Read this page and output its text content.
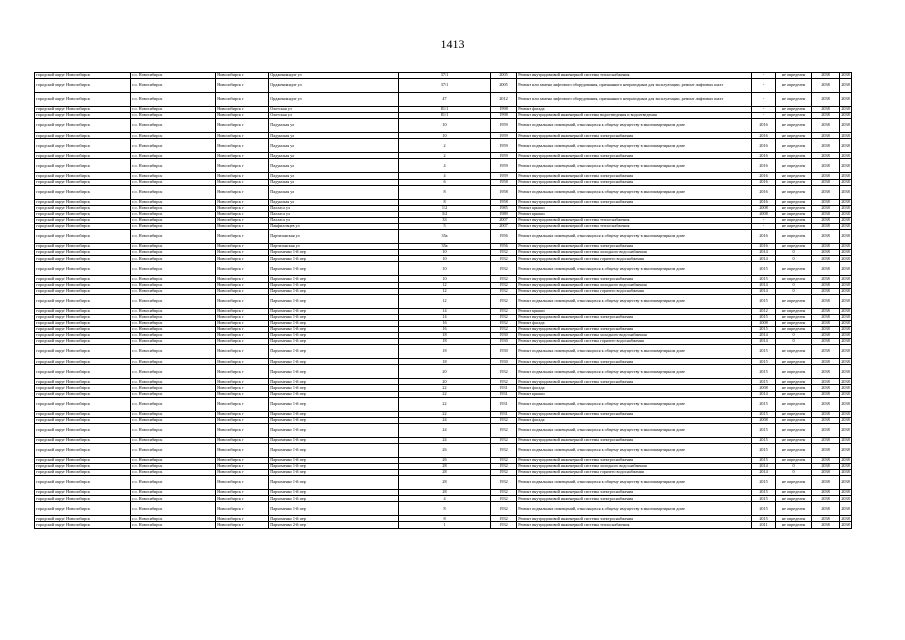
1413
городской округ Новосибирск	г.о. Новосибирск	Новосибирск г	Ордженикидзе ул	37/1	2005	Ремонт внутридомовой инженерной системы теплоснабжения	-	не определен	2038	2038
городской округ Новосибирск	г.о. Новосибирск	Новосибирск г	Ордженикидзе ул	37/1	2005	Ремонт или замена лифтового оборудования, признанного непригодным для эксплуатации, ремонт лифтовых шахт	-	не определен	2038	2038
городской округ Новосибирск	г.о. Новосибирск	Новосибирск г	Ордженикидзе ул	47	2012	Ремонт или замена лифтового оборудования, признанного непригодным для эксплуатации, ремонт лифтовых шахт	-	не определен	2038	2038
городской округ Новосибирск	г.о. Новосибирск	Новосибирск г	Охотская ул	81/1	1998	Ремонт фасада	-	не определен	2038	2038
городской округ Новосибирск	г.о. Новосибирск	Новосибирск г	Охотская ул	81/1	1998	Ремонт внутридомовой инженерной системы водоотведения и водоотведения	-	не определен	2038	2038
городской округ Новосибирск	г.о. Новосибирск	Новосибирск г	Падунская ул	10	1959	Ремонт подвальных помещений, относящихся к общему имуществу в многоквартирном доме	2016	не определен	2038	2038
городской округ Новосибирск	г.о. Новосибирск	Новосибирск г	Падунская ул	10	1959	Ремонт внутридомовой инженерной системы электроснабжения	2016	не определен	2038	2038
городской округ Новосибирск	г.о. Новосибирск	Новосибирск г	Падунская ул	2	1959	Ремонт подвальных помещений, относящихся к общему имуществу в многоквартирном доме	2016	не определен	2038	2038
городской округ Новосибирск	г.о. Новосибирск	Новосибирск г	Падунская ул	2	1959	Ремонт внутридомовой инженерной системы электроснабжения	2016	не определен	2038	2038
городской округ Новосибирск	г.о. Новосибирск	Новосибирск г	Падунская ул	4	1959	Ремонт подвальных помещений, относящихся к общему имуществу в многоквартирном доме	2016	не определен	2038	2038
городской округ Новосибирск	г.о. Новосибирск	Новосибирск г	Падунская ул	4	1959	Ремонт внутридомовой инженерной системы электроснабжения	2016	не определен	2038	2038
городской округ Новосибирск	г.о. Новосибирск	Новосибирск г	Падунская ул	6	1958	Ремонт внутридомовой инженерной системы электроснабжения	2016	не определен	2038	2038
городской округ Новосибирск	г.о. Новосибирск	Новосибирск г	Падунская ул	8	1958	Ремонт подвальных помещений, относящихся к общему имуществу в многоквартирном доме	2016	не определен	2038	2038
городской округ Новосибирск	г.о. Новосибирск	Новосибирск г	Падунская ул	8	1958	Ремонт внутридомовой инженерной системы электроснабжения	2016	не определен	2038	2038
городской округ Новосибирск	г.о. Новосибирск	Новосибирск г	Палласа ул	1/2	1985	Ремонт крыши	2008	не определен	2038	2038
городской округ Новосибирск	г.о. Новосибирск	Новосибирск г	Палласа ул	3/2	1989	Ремонт крыши	2008	не определен	2038	2038
городской округ Новосибирск	г.о. Новосибирск	Новосибирск г	Палласа ул	33	2007	Ремонт внутридомовой инженерной системы теплоснабжения	-	не определен	2038	2038
городской округ Новосибирск	г.о. Новосибирск	Новосибирск г	Панфиловцев ул	5	2007	Ремонт внутридомовой инженерной системы теплоснабжения	-	не определен	2038	2038
городской округ Новосибирск	г.о. Новосибирск	Новосибирск г	Партизанская ул	35а	1956	Ремонт подвальных помещений, относящихся к общему имуществу в многоквартирном доме	2016	не определен	2038	2038
городской округ Новосибирск	г.о. Новосибирск	Новосибирск г	Партизанская ул	35а	1956	Ремонт внутридомовой инженерной системы электроснабжения	2016	не определен	2038	2038
городской округ Новосибирск	г.о. Новосибирск	Новосибирск г	Пархоменко 1-й пер	10	1932	Ремонт внутридомовой инженерной системы холодного водоснабжения	2014	0	2038	2038
городской округ Новосибирск	г.о. Новосибирск	Новосибирск г	Пархоменко 1-й пер	10	1932	Ремонт внутридомовой инженерной системы горячего водоснабжения	2014	0	2038	2038
городской округ Новосибирск	г.о. Новосибирск	Новосибирск г	Пархоменко 1-й пер	10	1932	Ремонт подвальных помещений, относящихся к общему имуществу в многоквартирном доме	2015	не определен	2038	2038
городской округ Новосибирск	г.о. Новосибирск	Новосибирск г	Пархоменко 1-й пер	10	1932	Ремонт внутридомовой инженерной системы электроснабжения	2015	не определен	2038	2038
городской округ Новосибирск	г.о. Новосибирск	Новосибирск г	Пархоменко 1-й пер	12	1932	Ремонт внутридомовой инженерной системы холодного водоснабжения	2014	0	2038	2038
городской округ Новосибирск	г.о. Новосибирск	Новосибирск г	Пархоменко 1-й пер	12	1932	Ремонт внутридомовой инженерной системы горячего водоснабжения	2014	0	2038	2038
городской округ Новосибирск	г.о. Новосибирск	Новосибирск г	Пархоменко 1-й пер	12	1932	Ремонт подвальных помещений, относящихся к общему имуществу в многоквартирном доме	2015	не определен	2038	2038
городской округ Новосибирск	г.о. Новосибирск	Новосибирск г	Пархоменко 1-й пер	14	1932	Ремонт крыши	2012	не определен	2038	2038
городской округ Новосибирск	г.о. Новосибирск	Новосибирск г	Пархоменко 1-й пер	14	1932	Ремонт внутридомовой инженерной системы электроснабжения	2015	не определен	2038	2038
городской округ Новосибирск	г.о. Новосибирск	Новосибирск г	Пархоменко 1-й пер	16	1932	Ремонт фасада	2008	не определен	2038	2038
городской округ Новосибирск	г.о. Новосибирск	Новосибирск г	Пархоменко 1-й пер	16	1932	Ремонт внутридомовой инженерной системы электроснабжения	2015	не определен	2038	2038
городской округ Новосибирск	г.о. Новосибирск	Новосибирск г	Пархоменко 1-й пер	18	1930	Ремонт внутридомовой инженерной системы холодного водоснабжения	2014	0	2038	2038
городской округ Новосибирск	г.о. Новосибирск	Новосибирск г	Пархоменко 1-й пер	18	1930	Ремонт внутридомовой инженерной системы горячего водоснабжения	2014	0	2038	2038
городской округ Новосибирск	г.о. Новосибирск	Новосибирск г	Пархоменко 1-й пер	18	1930	Ремонт подвальных помещений, относящихся к общему имуществу в многоквартирном доме	2015	не определен	2038	2038
городской округ Новосибирск	г.о. Новосибирск	Новосибирск г	Пархоменко 1-й пер	18	1930	Ремонт внутридомовой инженерной системы электроснабжения	2015	не определен	2038	2038
городской округ Новосибирск	г.о. Новосибирск	Новосибирск г	Пархоменко 1-й пер	20	1932	Ремонт подвальных помещений, относящихся к общему имуществу в многоквартирном доме	2015	не определен	2038	2038
городской округ Новосибирск	г.о. Новосибирск	Новосибирск г	Пархоменко 1-й пер	20	1932	Ремонт внутридомовой инженерной системы электроснабжения	2015	не определен	2038	2038
городской округ Новосибирск	г.о. Новосибирск	Новосибирск г	Пархоменко 1-й пер	22	1931	Ремонт фасада	2008	не определен	2038	2038
городской округ Новосибирск	г.о. Новосибирск	Новосибирск г	Пархоменко 1-й пер	22	1931	Ремонт крыши	2014	не определен	2038	2038
городской округ Новосибирск	г.о. Новосибирск	Новосибирск г	Пархоменко 1-й пер	22	1931	Ремонт подвальных помещений, относящихся к общему имуществу в многоквартирном доме	2015	не определен	2038	2038
городской округ Новосибирск	г.о. Новосибирск	Новосибирск г	Пархоменко 1-й пер	22	1931	Ремонт внутридомовой инженерной системы электроснабжения	2015	не определен	2038	2038
городской округ Новосибирск	г.о. Новосибирск	Новосибирск г	Пархоменко 1-й пер	24	1932	Ремонт фасада	2008	не определен	2038	2038
городской округ Новосибирск	г.о. Новосибирск	Новосибирск г	Пархоменко 1-й пер	24	1932	Ремонт подвальных помещений, относящихся к общему имуществу в многоквартирном доме	2015	не определен	2038	2038
городской округ Новосибирск	г.о. Новосибирск	Новосибирск г	Пархоменко 1-й пер	24	1932	Ремонт внутридомовой инженерной системы электроснабжения	2015	не определен	2038	2038
городской округ Новосибирск	г.о. Новосибирск	Новосибирск г	Пархоменко 1-й пер	26	1932	Ремонт подвальных помещений, относящихся к общему имуществу в многоквартирном доме	2015	не определен	2038	2038
городской округ Новосибирск	г.о. Новосибирск	Новосибирск г	Пархоменко 1-й пер	26	1932	Ремонт внутридомовой инженерной системы электроснабжения	2015	не определен	2038	2038
городской округ Новосибирск	г.о. Новосибирск	Новосибирск г	Пархоменко 1-й пер	28	1932	Ремонт внутридомовой инженерной системы холодного водоснабжения	2014	0	2038	2038
городской округ Новосибирск	г.о. Новосибирск	Новосибирск г	Пархоменко 1-й пер	28	1932	Ремонт внутридомовой инженерной системы горячего водоснабжения	2014	0	2038	2038
городской округ Новосибирск	г.о. Новосибирск	Новосибирск г	Пархоменко 1-й пер	28	1932	Ремонт подвальных помещений, относящихся к общему имуществу в многоквартирном доме	2015	не определен	2038	2038
городской округ Новосибирск	г.о. Новосибирск	Новосибирск г	Пархоменко 1-й пер	28	1932	Ремонт внутридомовой инженерной системы электроснабжения	2015	не определен	2038	2038
городской округ Новосибирск	г.о. Новосибирск	Новосибирск г	Пархоменко 1-й пер	4	1932	Ремонт внутридомовой инженерной системы электроснабжения	2015	не определен	2038	2038
городской округ Новосибирск	г.о. Новосибирск	Новосибирск г	Пархоменко 1-й пер	8	1932	Ремонт подвальных помещений, относящихся к общему имуществу в многоквартирном доме	2015	не определен	2038	2038
городской округ Новосибирск	г.о. Новосибирск	Новосибирск г	Пархоменко 1-й пер	8	1932	Ремонт внутридомовой инженерной системы электроснабжения	2015	не определен	2038	2038
городской округ Новосибирск	г.о. Новосибирск	Новосибирск г	Пархоменко 2-й пер	1	1932	Ремонт внутридомовой инженерной системы теплоснабжения	2011	не определен	2038	2038
